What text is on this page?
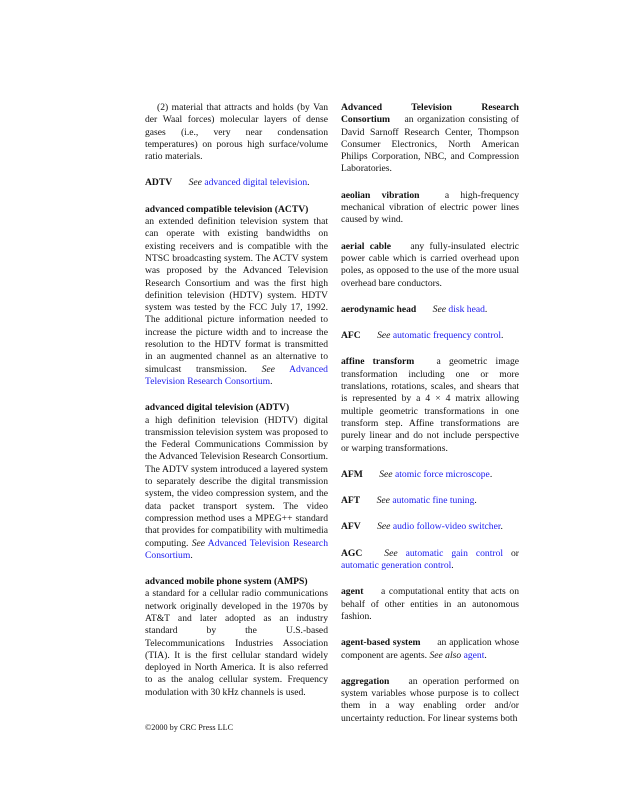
(2) material that attracts and holds (by Van der Waal forces) molecular layers of dense gases (i.e., very near condensation temperatures) on porous high surface/volume ratio materials.

ADTV See advanced digital television.

advanced compatible television (ACTV)

an extended definition television system that can operate with existing bandwidths on existing receivers and is compatible with the NTSC broadcasting system. The ACTV system was proposed by the Advanced Television Research Consortium and was the first high definition television (HDTV) system. HDTV system was tested by the FCC July 17, 1992. The additional picture information needed to increase the picture width and to increase the resolution to the HDTV format is transmitted in an augmented channel as an alternative to simulcast transmission. See Advanced Television Research Consortium.

advanced digital television (ADTV)

a high definition television (HDTV) digital transmission television system was proposed to the Federal Communications Commission by the Advanced Television Research Consortium. The ADTV system introduced a layered system to separately describe the digital transmission system, the video compression system, and the data packet transport system. The video compression method uses a MPEG++ standard that provides for compatibility with multimedia computing. See Advanced Television Research Consortium.

advanced mobile phone system (AMPS)

a standard for a cellular radio communications network originally developed in the 1970s by AT&T and later adopted as an industry standard by the U.S.-based Telecommunications Industries Association (TIA). It is the first cellular standard widely deployed in North America. It is also referred to as the analog cellular system. Frequency modulation with 30 kHz channels is used.

Advanced Television Research Consortium an organization consisting of David Sarnoff Research Center, Thompson Consumer Electronics, North American Philips Corporation, NBC, and Compression Laboratories.
aeolian vibration	a high-frequency mechanical vibration of electric power lines caused by wind.
aerial cable any fully-insulated electric power cable which is carried overhead upon poles, as opposed to the use of the more usual overhead bare conductors.
aerodynamic head See disk head.
AFC See automatic frequency control.
affine transform a geometric image transformation including one or more translations, rotations, scales, and shears that is represented by a 4 × 4 matrix allowing multiple geometric transformations in one transform step. Affine transformations are purely linear and do not include perspective or warping transformations.
AFM See atomic force microscope.
AFT See automatic fine tuning.
AFV See audio follow-video switcher.
AGC See automatic gain control or automatic generation control.
agent a computational entity that acts on behalf of other entities in an autonomous fashion.
agent-based system an application whose component are agents. See also agent.
aggregation an operation performed on system variables whose purpose is to collect them in a way enabling order and/or uncertainty reduction. For linear systems both
©2000 by CRC Press LLC
